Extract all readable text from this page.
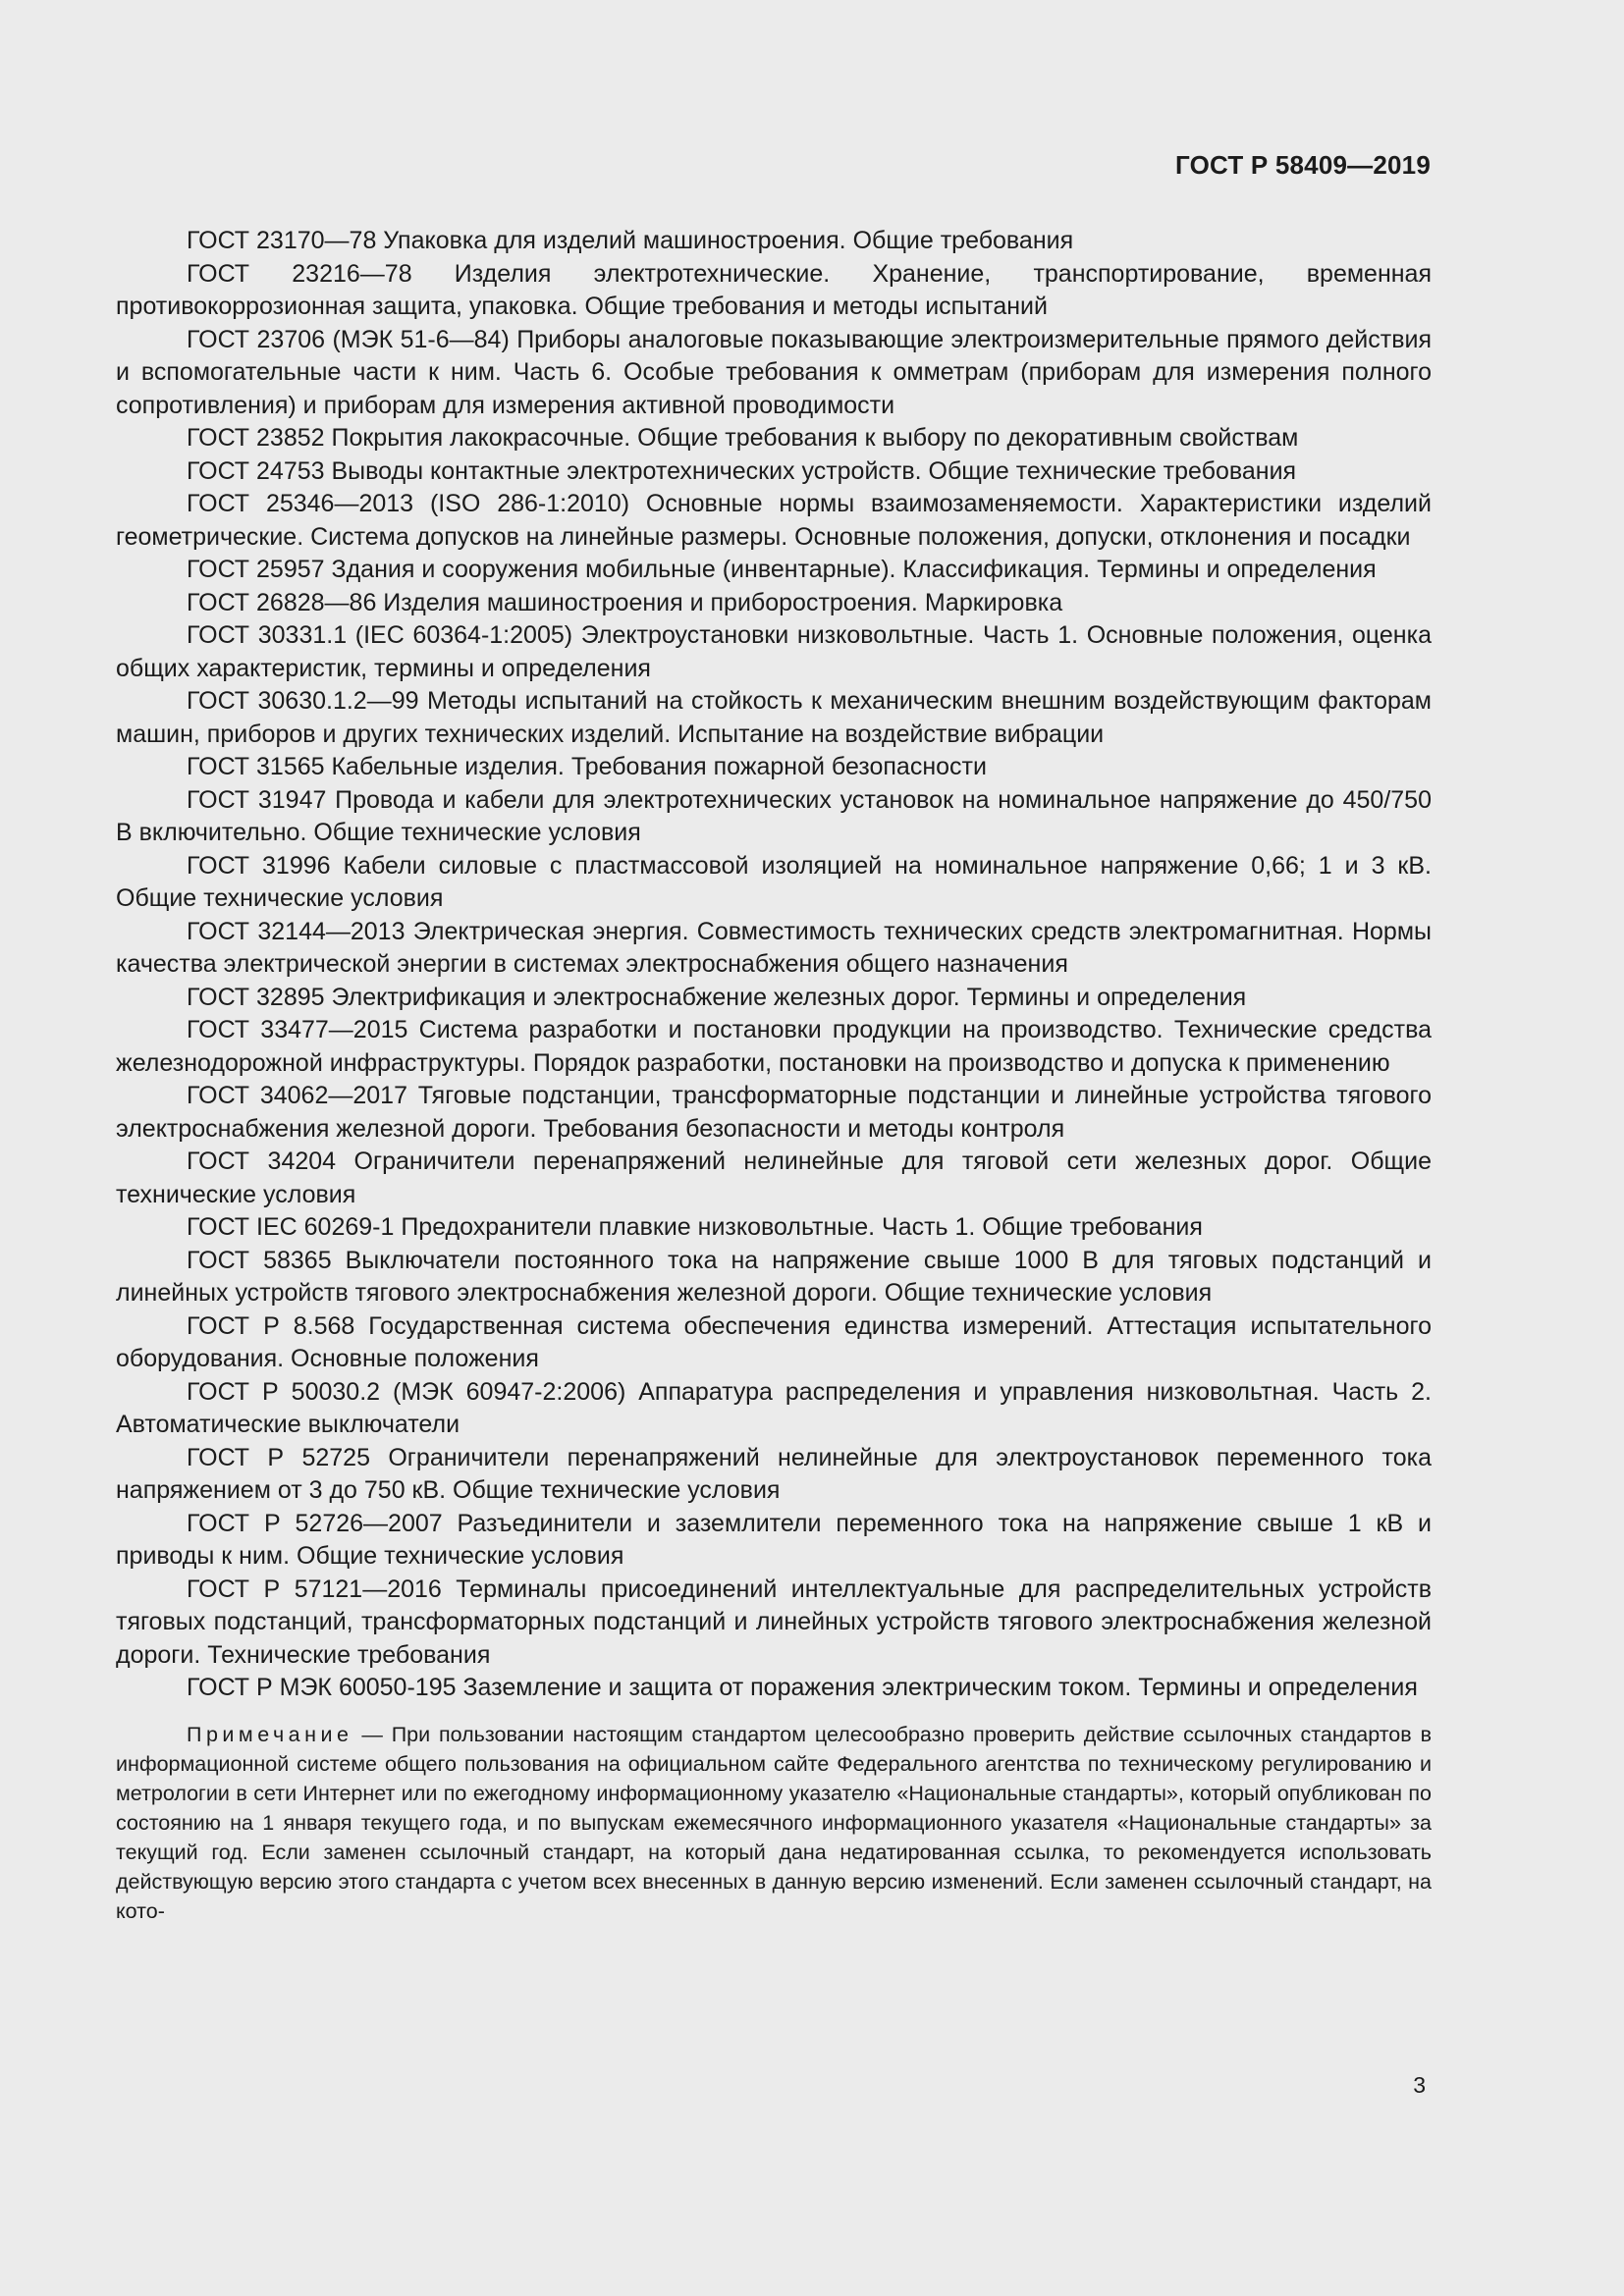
ГОСТ Р 58409—2019

ГОСТ 23170—78 Упаковка для изделий машиностроения. Общие требования

ГОСТ 23216—78 Изделия электротехнические. Хранение, транспортирование, временная противокоррозионная защита, упаковка. Общие требования и методы испытаний

ГОСТ 23706 (МЭК 51-6—84) Приборы аналоговые показывающие электроизмерительные прямого действия и вспомогательные части к ним. Часть 6. Особые требования к омметрам (приборам для измерения полного сопротивления) и приборам для измерения активной проводимости

ГОСТ 23852 Покрытия лакокрасочные. Общие требования к выбору по декоративным свойствам

ГОСТ 24753 Выводы контактные электротехнических устройств. Общие технические требования

ГОСТ 25346—2013 (ISO 286-1:2010) Основные нормы взаимозаменяемости. Характеристики изделий геометрические. Система допусков на линейные размеры. Основные положения, допуски, отклонения и посадки

ГОСТ 25957 Здания и сооружения мобильные (инвентарные). Классификация. Термины и определения

ГОСТ 26828—86 Изделия машиностроения и приборостроения. Маркировка

ГОСТ 30331.1 (IEC 60364-1:2005) Электроустановки низковольтные. Часть 1. Основные положения, оценка общих характеристик, термины и определения

ГОСТ 30630.1.2—99 Методы испытаний на стойкость к механическим внешним воздействующим факторам машин, приборов и других технических изделий. Испытание на воздействие вибрации

ГОСТ 31565 Кабельные изделия. Требования пожарной безопасности

ГОСТ 31947 Провода и кабели для электротехнических установок на номинальное напряжение до 450/750 В включительно. Общие технические условия

ГОСТ 31996 Кабели силовые с пластмассовой изоляцией на номинальное напряжение 0,66; 1 и 3 кВ. Общие технические условия

ГОСТ 32144—2013 Электрическая энергия. Совместимость технических средств электромагнитная. Нормы качества электрической энергии в системах электроснабжения общего назначения

ГОСТ 32895 Электрификация и электроснабжение железных дорог. Термины и определения

ГОСТ 33477—2015 Система разработки и постановки продукции на производство. Технические средства железнодорожной инфраструктуры. Порядок разработки, постановки на производство и допуска к применению

ГОСТ 34062—2017 Тяговые подстанции, трансформаторные подстанции и линейные устройства тягового электроснабжения железной дороги. Требования безопасности и методы контроля

ГОСТ 34204 Ограничители перенапряжений нелинейные для тяговой сети железных дорог. Общие технические условия

ГОСТ IEC 60269-1 Предохранители плавкие низковольтные. Часть 1. Общие требования

ГОСТ 58365 Выключатели постоянного тока на напряжение свыше 1000 В для тяговых подстанций и линейных устройств тягового электроснабжения железной дороги. Общие технические условия

ГОСТ Р 8.568 Государственная система обеспечения единства измерений. Аттестация испытательного оборудования. Основные положения

ГОСТ Р 50030.2 (МЭК 60947-2:2006) Аппаратура распределения и управления низковольтная. Часть 2. Автоматические выключатели

ГОСТ Р 52725 Ограничители перенапряжений нелинейные для электроустановок переменного тока напряжением от 3 до 750 кВ. Общие технические условия

ГОСТ Р 52726—2007 Разъединители и заземлители переменного тока на напряжение свыше 1 кВ и приводы к ним. Общие технические условия

ГОСТ Р 57121—2016 Терминалы присоединений интеллектуальные для распределительных устройств тяговых подстанций, трансформаторных подстанций и линейных устройств тягового электроснабжения железной дороги. Технические требования

ГОСТ Р МЭК 60050-195 Заземление и защита от поражения электрическим током. Термины и определения

Примечание — При пользовании настоящим стандартом целесообразно проверить действие ссылочных стандартов в информационной системе общего пользования на официальном сайте Федерального агентства по техническому регулированию и метрологии в сети Интернет или по ежегодному информационному указателю «Национальные стандарты», который опубликован по состоянию на 1 января текущего года, и по выпускам ежемесячного информационного указателя «Национальные стандарты» за текущий год. Если заменен ссылочный стандарт, на который дана недатированная ссылка, то рекомендуется использовать действующую версию этого стандарта с учетом всех внесенных в данную версию изменений. Если заменен ссылочный стандарт, на кото-

3
